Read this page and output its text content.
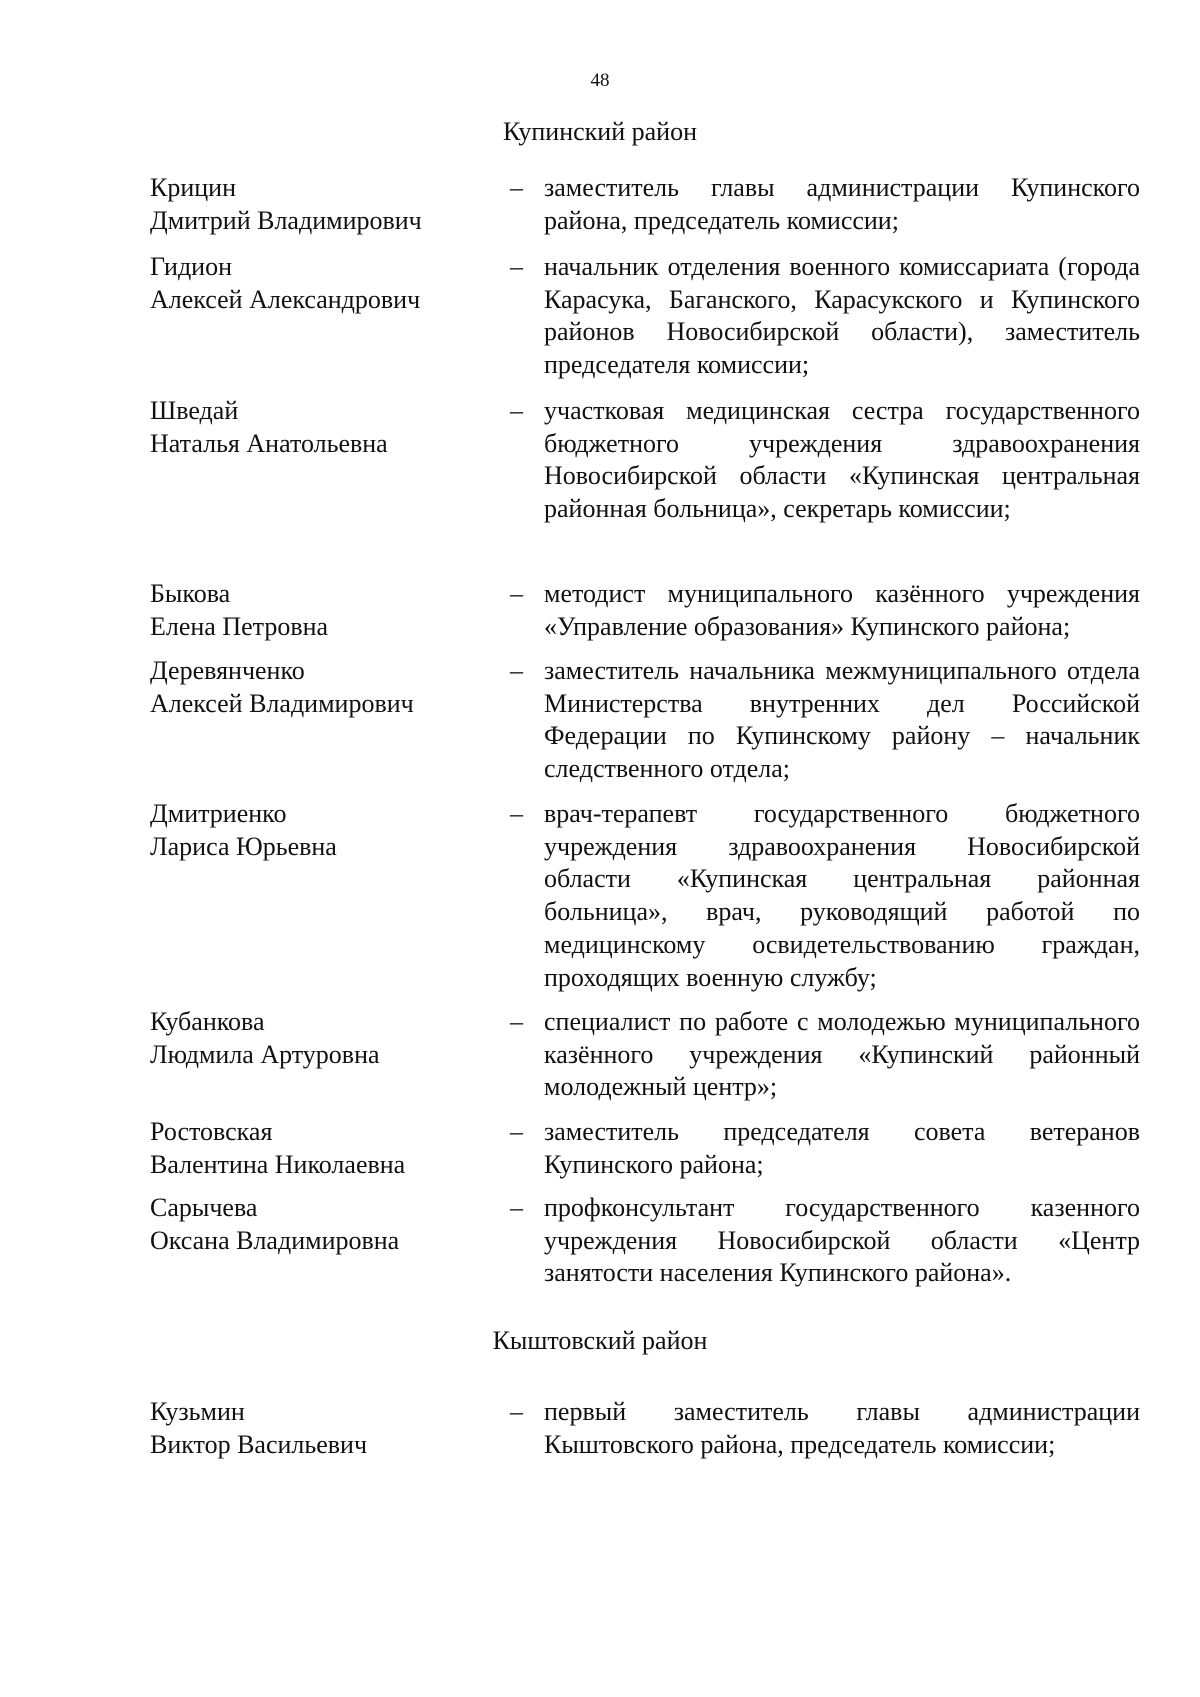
48
Купинский район
Крицин
Дмитрий Владимирович
– заместитель главы администрации Купинского района, председатель комиссии;
Гидион
Алексей Александрович
– начальник отделения военного комиссариата (города Карасука, Баганского, Карасукского и Купинского районов Новосибирской области), заместитель председателя комиссии;
Шведай
Наталья Анатольевна
– участковая медицинская сестра государственного бюджетного учреждения здравоохранения Новосибирской области «Купинская центральная районная больница», секретарь комиссии;
Быкова
Елена Петровна
– методист муниципального казённого учреждения «Управление образования» Купинского района;
Деревянченко
Алексей Владимирович
– заместитель начальника межмуниципального отдела Министерства внутренних дел Российской Федерации по Купинскому району – начальник следственного отдела;
Дмитриенко
Лариса Юрьевна
– врач-терапевт государственного бюджетного учреждения здравоохранения Новосибирской области «Купинская центральная районная больница», врач, руководящий работой по медицинскому освидетельствованию граждан, проходящих военную службу;
Кубанкова
Людмила Артуровна
– специалист по работе с молодежью муниципального казённого учреждения «Купинский районный молодежный центр»;
Ростовская
Валентина Николаевна
– заместитель председателя совета ветеранов Купинского района;
Сарычева
Оксана Владимировна
– профконсультант государственного казенного учреждения Новосибирской области «Центр занятости населения Купинского района».
Кыштовский район
Кузьмин
Виктор Васильевич
– первый заместитель главы администрации Кыштовского района, председатель комиссии;
